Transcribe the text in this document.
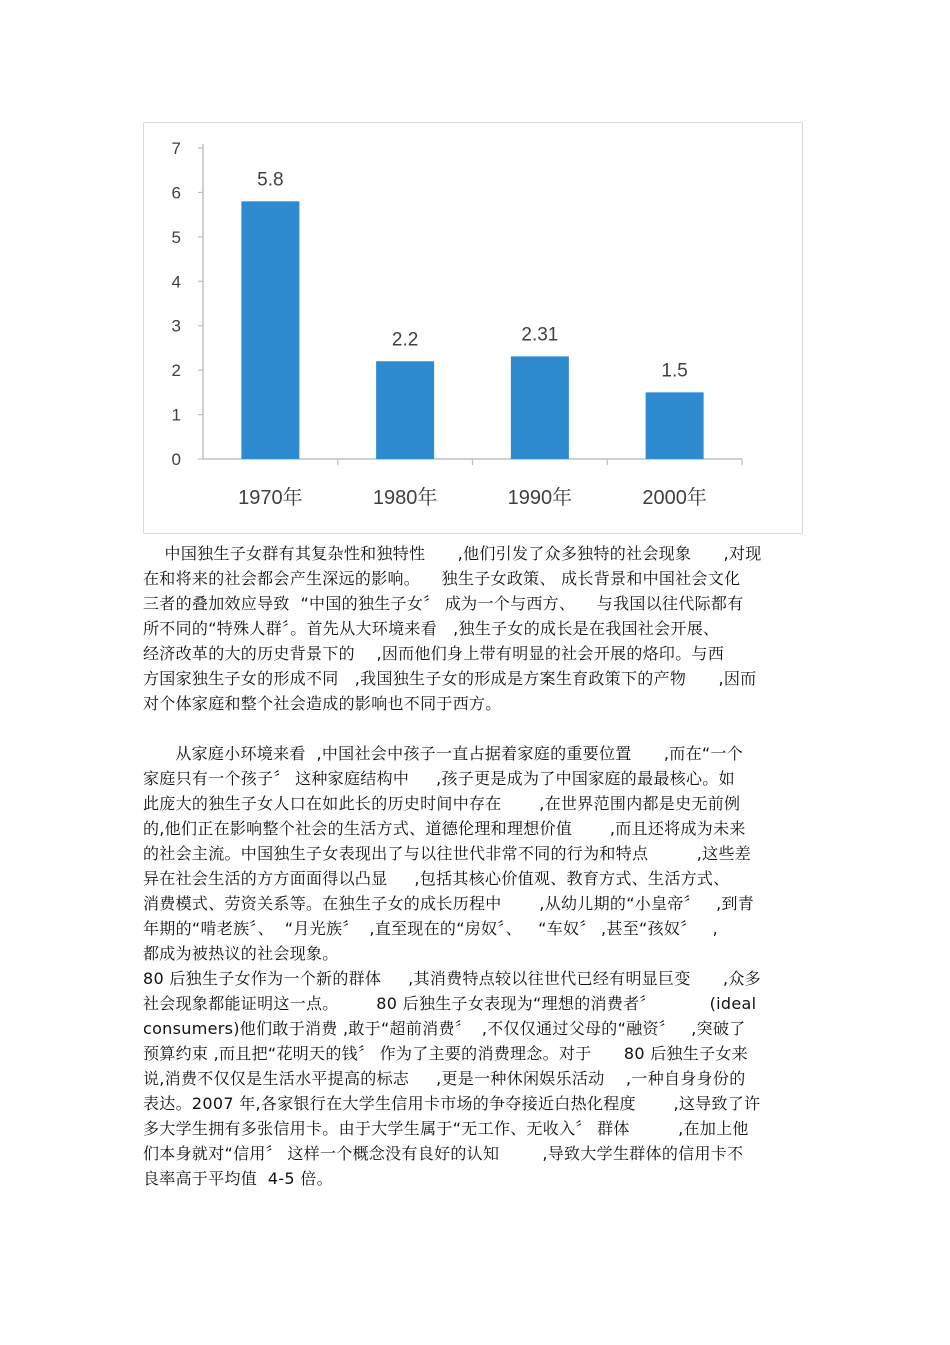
0
1
2
3
4
5
6
7
5.8
1970年
2.2
1980年
2.31
1990年
1.5
2000年
中国独生子女群有其复杂性和独特性      ,他们引发了众多独特的社会现象      ,对现
在和将来的社会都会产生深远的影响。    独生子女政策、 成长背景和中国社会文化
三者的叠加效应导致  “中国的独生子女〞 成为一个与西方、    与我国以往代际都有
所不同的“特殊人群〞。首先从大环境来看   ,独生子女的成长是在我国社会开展、
经济改革的大的历史背景下的    ,因而他们身上带有明显的社会开展的烙印。与西
方国家独生子女的形成不同   ,我国独生子女的形成是方案生育政策下的产物      ,因而
对个体家庭和整个社会造成的影响也不同于西方。
从家庭小环境来看  ,中国社会中孩子一直占据着家庭的重要位置      ,而在“一个
家庭只有一个孩子〞 这种家庭结构中     ,孩子更是成为了中国家庭的最最核心。如
此庞大的独生子女人口在如此长的历史时间中存在       ,在世界范围内都是史无前例
的,他们正在影响整个社会的生活方式、道德伦理和理想价值       ,而且还将成为未来
的社会主流。中国独生子女表现出了与以往世代非常不同的行为和特点         ,这些差
异在社会生活的方方面面得以凸显     ,包括其核心价值观、教育方式、生活方式、
消费模式、劳资关系等。在独生子女的成长历程中       ,从幼儿期的“小皇帝〞   ,到青
年期的“啃老族〞、  “月光族〞  ,直至现在的“房奴〞、   “车奴〞 ,甚至“孩奴〞   ,
都成为被热议的社会现象。
80 后独生子女作为一个新的群体     ,其消费特点较以往世代已经有明显巨变      ,众多
社会现象都能证明这一点。       80 后独生子女表现为“理想的消费者〞          (ideal
consumers)他们敢于消费 ,敢于“超前消费〞  ,不仅仅通过父母的“融资〞   ,突破了
预算约束 ,而且把“花明天的钱〞 作为了主要的消费理念。对于      80 后独生子女来
说,消费不仅仅是生活水平提高的标志     ,更是一种休闲娱乐活动    ,一种自身身份的
表达。2007 年,各家银行在大学生信用卡市场的争夺接近白热化程度       ,这导致了许
多大学生拥有多张信用卡。由于大学生属于“无工作、无收入〞 群体         ,在加上他
们本身就对“信用〞 这样一个概念没有良好的认知        ,导致大学生群体的信用卡不
良率高于平均值  4-5 倍。
